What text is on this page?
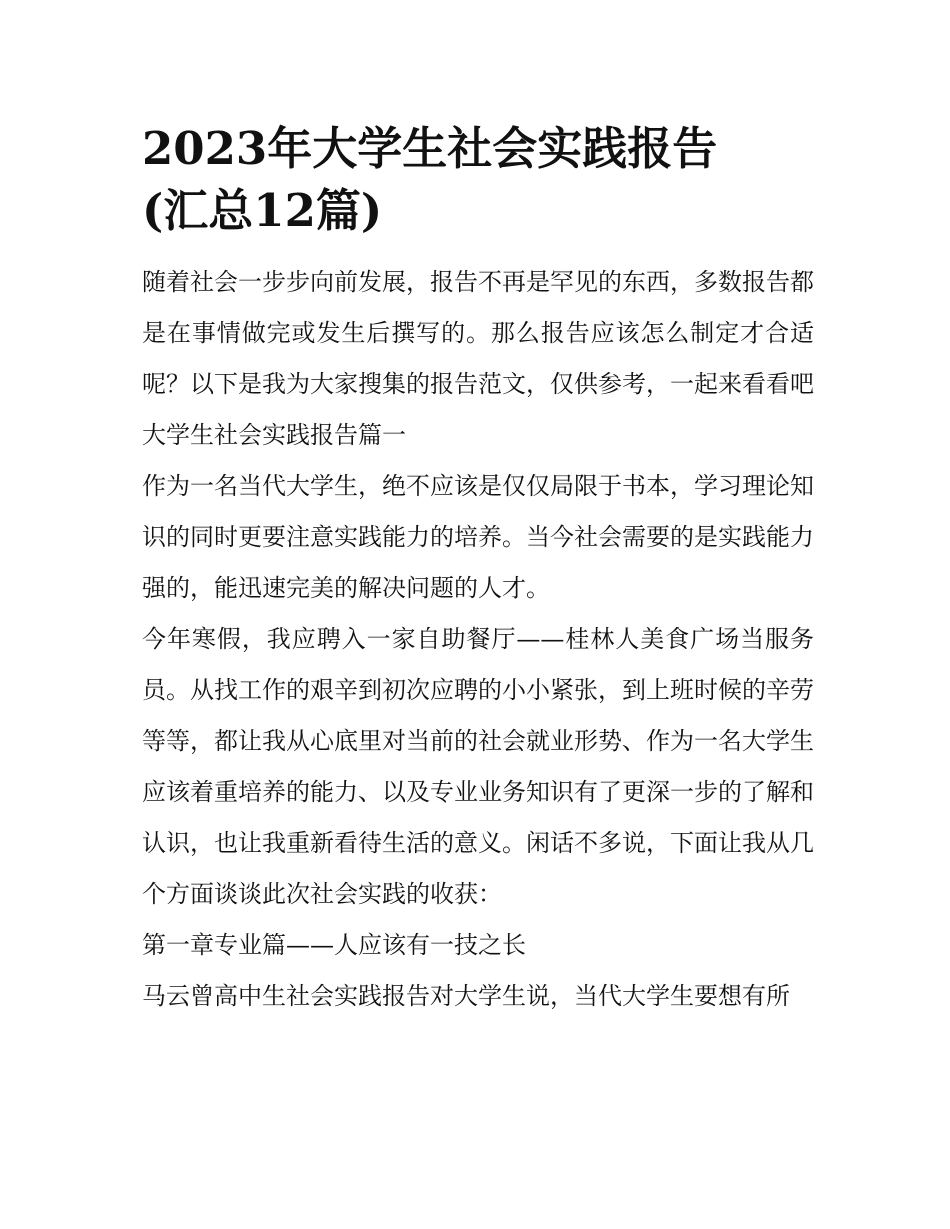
2023年大学生社会实践报告
(汇总12篇)

随着社会一步步向前发展，报告不再是罕见的东西，多数报告都是在事情做完或发生后撰写的。那么报告应该怎么制定才合适呢？以下是我为大家搜集的报告范文，仅供参考，一起来看看吧

大学生社会实践报告篇一

作为一名当代大学生，绝不应该是仅仅局限于书本，学习理论知识的同时更要注意实践能力的培养。当今社会需要的是实践能力强的，能迅速完美的解决问题的人才。

今年寒假，我应聘入一家自助餐厅——桂林人美食广场当服务员。从找工作的艰辛到初次应聘的小小紧张，到上班时候的辛劳等等，都让我从心底里对当前的社会就业形势、作为一名大学生应该着重培养的能力、以及专业业务知识有了更深一步的了解和认识，也让我重新看待生活的意义。闲话不多说，下面让我从几个方面谈谈此次社会实践的收获：

第一章专业篇——人应该有一技之长

马云曾高中生社会实践报告对大学生说，当代大学生要想有所
